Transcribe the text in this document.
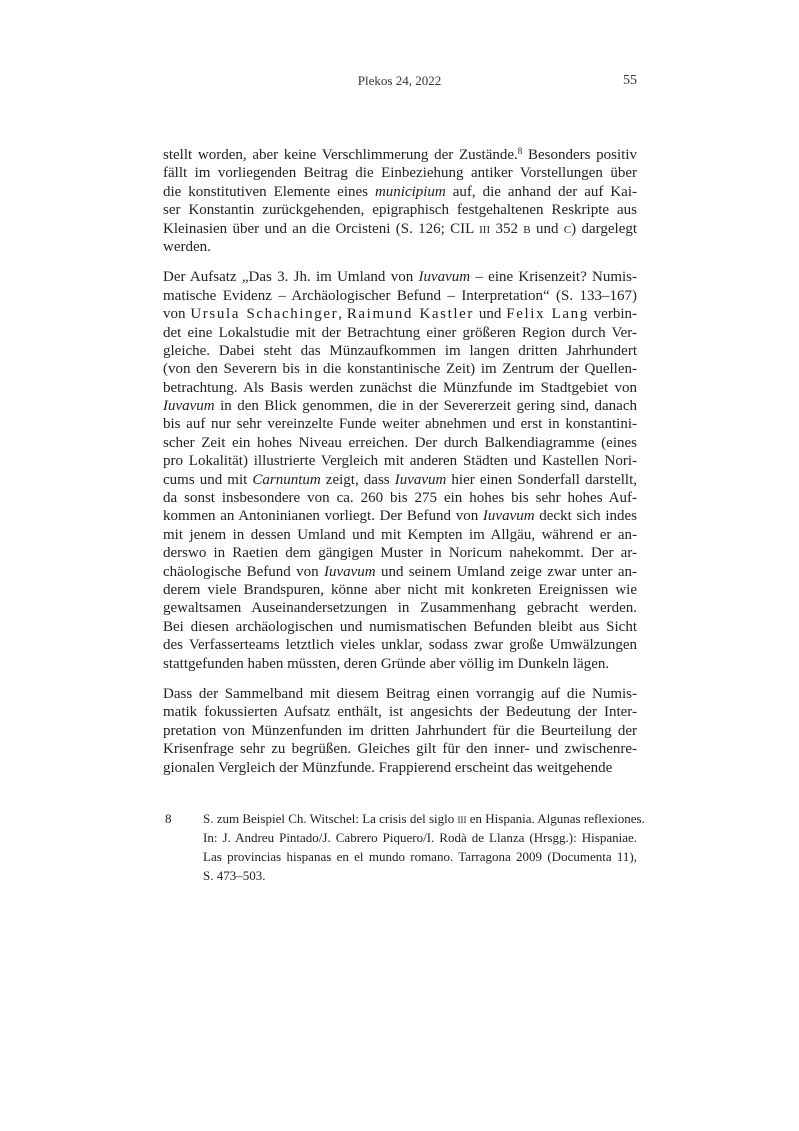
Plekos 24, 2022	55
stellt worden, aber keine Verschlimmerung der Zustände.$^8$ Besonders positiv
fällt im vorliegenden Beitrag die Einbeziehung antiker Vorstellungen über
die konstitutiven Elemente eines municipium auf, die anhand der auf Kai-
ser Konstantin zurückgehenden, epigraphisch festgehaltenen Reskripte aus
Kleinasien über und an die Orcisteni (S. 126; CIL iii 352 b und c) dargelegt
werden.
Der Aufsatz „Das 3. Jh. im Umland von Iuvavum – eine Krisenzeit? Numis-
matische Evidenz – Archäologischer Befund – Interpretation“ (S. 133–167)
von Ursula Schachinger, Raimund Kastler und Felix Lang verbin-
det eine Lokalstudie mit der Betrachtung einer größeren Region durch Ver-
gleiche. Dabei steht das Münzaufkommen im langen dritten Jahrhundert
(von den Severern bis in die konstantinische Zeit) im Zentrum der Quellen-
betrachtung. Als Basis werden zunächst die Münzfunde im Stadtgebiet von
Iuvavum in den Blick genommen, die in der Severerzeit gering sind, danach
bis auf nur sehr vereinzelte Funde weiter abnehmen und erst in konstantini-
scher Zeit ein hohes Niveau erreichen. Der durch Balkendiagramme (eines
pro Lokalität) illustrierte Vergleich mit anderen Städten und Kastellen Nori-
cums und mit Carnuntum zeigt, dass Iuvavum hier einen Sonderfall darstellt,
da sonst insbesondere von ca. 260 bis 275 ein hohes bis sehr hohes Auf-
kommen an Antoninianen vorliegt. Der Befund von Iuvavum deckt sich indes
mit jenem in dessen Umland und mit Kempten im Allgäu, während er an-
derswo in Raetien dem gängigen Muster in Noricum nahekommt. Der ar-
chäologische Befund von Iuvavum und seinem Umland zeige zwar unter an-
derem viele Brandspuren, könne aber nicht mit konkreten Ereignissen wie
gewaltsamen Auseinandersetzungen in Zusammenhang gebracht werden.
Bei diesen archäologischen und numismatischen Befunden bleibt aus Sicht
des Verfasserteams letztlich vieles unklar, sodass zwar große Umwälzungen
stattgefunden haben müssten, deren Gründe aber völlig im Dunkeln lägen.
Dass der Sammelband mit diesem Beitrag einen vorrangig auf die Numis-
matik fokussierten Aufsatz enthält, ist angesichts der Bedeutung der Inter-
pretation von Münzenfunden im dritten Jahrhundert für die Beurteilung der
Krisenfrage sehr zu begrüßen. Gleiches gilt für den inner- und zwischenre-
gionalen Vergleich der Münzfunde. Frappierend erscheint das weitgehende
8 S. zum Beispiel Ch. Witschel: La crisis del siglo iii en Hispania. Algunas reflexiones.
In: J. Andreu Pintado/J. Cabrero Piquero/I. Rodà de Llanza (Hrsgg.): Hispaniae.
Las provincias hispanas en el mundo romano. Tarragona 2009 (Documenta 11),
S. 473–503.
